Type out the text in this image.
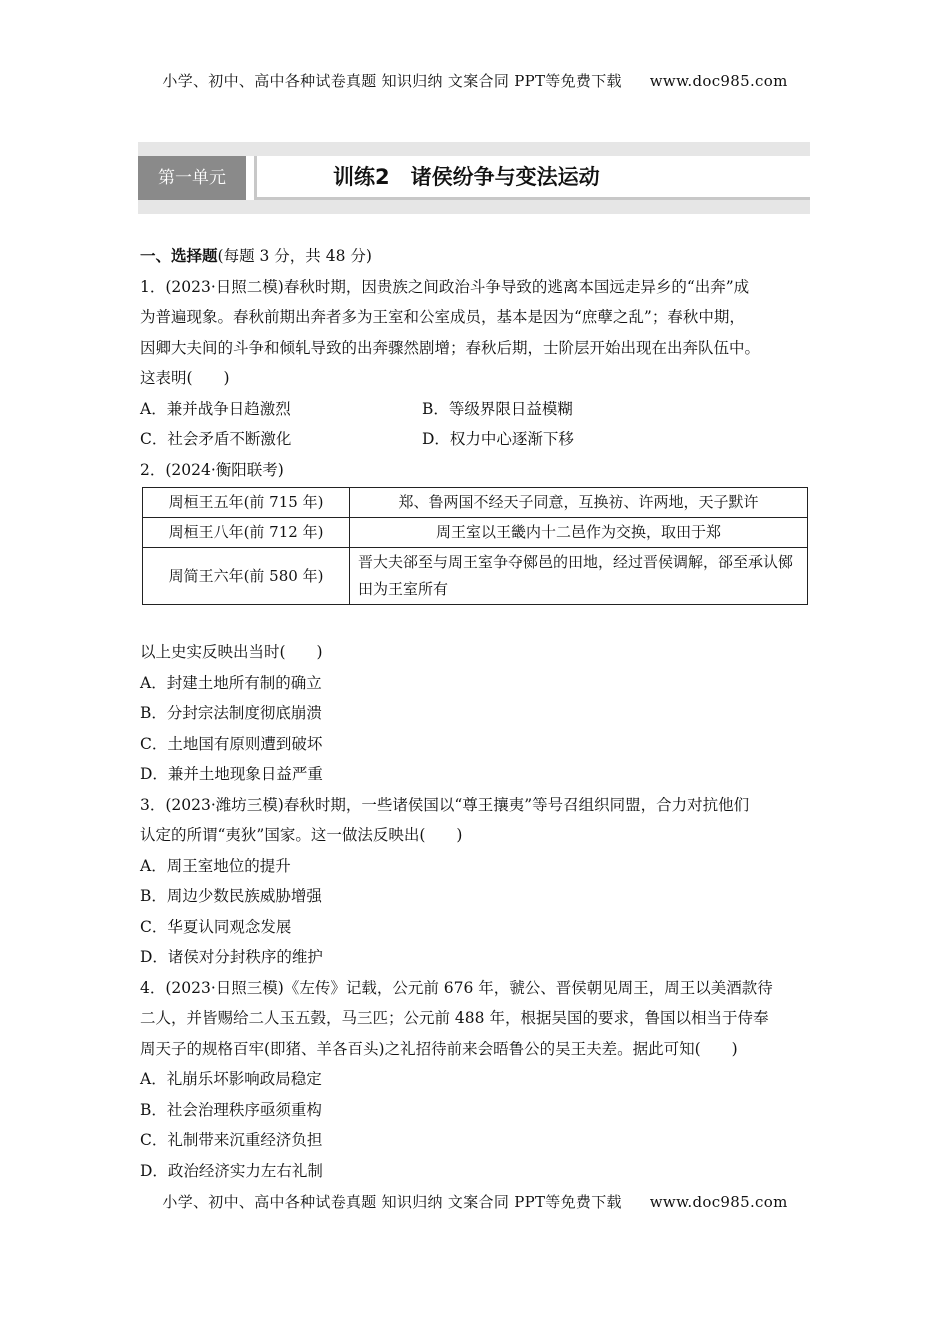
小学、初中、高中各种试卷真题 知识归纳 文案合同 PPT等免费下载 www.doc985.com
第一单元	训练2　诸侯纷争与变法运动
一、选择题(每题 3 分，共 48 分)
1．(2023·日照二模)春秋时期，因贵族之间政治斗争导致的逃离本国远走异乡的“出奔”成
为普遍现象。春秋前期出奔者多为王室和公室成员，基本是因为“庶孽之乱”；春秋中期，
因卿大夫间的斗争和倾轧导致的出奔骤然剧增；春秋后期，士阶层开始出现在出奔队伍中。
这表明(　　)
A．兼并战争日趋激烈	B．等级界限日益模糊
C．社会矛盾不断激化	D．权力中心逐渐下移
2．(2024·衡阳联考)
周桓王五年(前 715 年)	郑、鲁两国不经天子同意，互换祊、许两地，天子默许
周桓王八年(前 712 年)	周王室以王畿内十二邑作为交换，取田于郑
周简王六年(前 580 年)	晋大夫郤至与周王室争夺鄇邑的田地，经过晋侯调解，郤至承认鄇田为王室所有
以上史实反映出当时(　　)
A．封建土地所有制的确立
B．分封宗法制度彻底崩溃
C．土地国有原则遭到破坏
D．兼并土地现象日益严重
3．(2023·潍坊三模)春秋时期，一些诸侯国以“尊王攘夷”等号召组织同盟，合力对抗他们
认定的所谓“夷狄”国家。这一做法反映出(　　)
A．周王室地位的提升
B．周边少数民族威胁增强
C．华夏认同观念发展
D．诸侯对分封秩序的维护
4．(2023·日照三模)《左传》记载，公元前 676 年，虢公、晋侯朝见周王，周王以美酒款待
二人，并皆赐给二人玉五瑴，马三匹；公元前 488 年，根据吴国的要求，鲁国以相当于侍奉
周天子的规格百牢(即猪、羊各百头)之礼招待前来会晤鲁公的吴王夫差。据此可知(　　)
A．礼崩乐坏影响政局稳定
B．社会治理秩序亟须重构
C．礼制带来沉重经济负担
D．政治经济实力左右礼制
小学、初中、高中各种试卷真题 知识归纳 文案合同 PPT等免费下载 www.doc985.com
